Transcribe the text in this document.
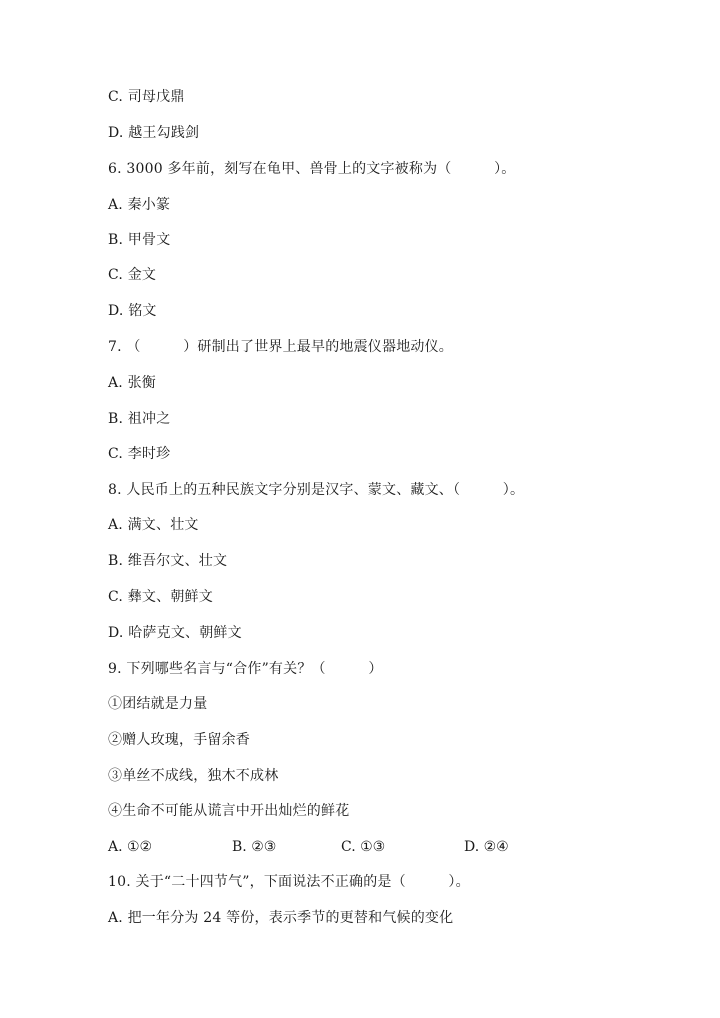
C. 司母戊鼎
D. 越王勾践剑
6. 3000 多年前，刻写在龟甲、兽骨上的文字被称为（　　　）。
A. 秦小篆
B. 甲骨文
C. 金文
D. 铭文
7. （　　　）研制出了世界上最早的地震仪器地动仪。
A. 张衡
B. 祖冲之
C. 李时珍
8. 人民币上的五种民族文字分别是汉字、蒙文、藏文、（　　　）。
A. 满文、壮文
B. 维吾尔文、壮文
C. 彝文、朝鲜文
D. 哈萨克文、朝鲜文
9. 下列哪些名言与“合作”有关？（　　　）
①团结就是力量
②赠人玫瑰，手留余香
③单丝不成线，独木不成林
④生命不可能从谎言中开出灿烂的鲜花
A. ①②	B. ②③	C. ①③	D. ②④
10. 关于“二十四节气”，下面说法不正确的是（　　　）。
A. 把一年分为 24 等份，表示季节的更替和气候的变化
